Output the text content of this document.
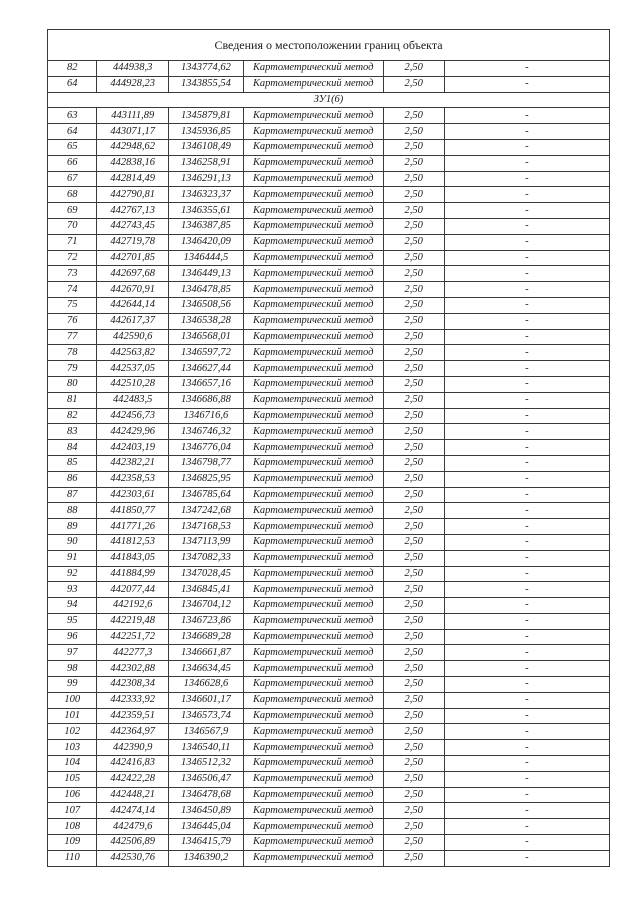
Сведения о местоположении границ объекта					
82	444938,3	1343774,62	Картометрический метод	2,50	-
64	444928,23	1343855,54	Картометрический метод	2,50	-
ЗУ1(6)					
63	443111,89	1345879,81	Картометрический метод	2,50	-
64	443071,17	1345936,85	Картометрический метод	2,50	-
65	442948,62	1346108,49	Картометрический метод	2,50	-
66	442838,16	1346258,91	Картометрический метод	2,50	-
67	442814,49	1346291,13	Картометрический метод	2,50	-
68	442790,81	1346323,37	Картометрический метод	2,50	-
69	442767,13	1346355,61	Картометрический метод	2,50	-
70	442743,45	1346387,85	Картометрический метод	2,50	-
71	442719,78	1346420,09	Картометрический метод	2,50	-
72	442701,85	1346444,5	Картометрический метод	2,50	-
73	442697,68	1346449,13	Картометрический метод	2,50	-
74	442670,91	1346478,85	Картометрический метод	2,50	-
75	442644,14	1346508,56	Картометрический метод	2,50	-
76	442617,37	1346538,28	Картометрический метод	2,50	-
77	442590,6	1346568,01	Картометрический метод	2,50	-
78	442563,82	1346597,72	Картометрический метод	2,50	-
79	442537,05	1346627,44	Картометрический метод	2,50	-
80	442510,28	1346657,16	Картометрический метод	2,50	-
81	442483,5	1346686,88	Картометрический метод	2,50	-
82	442456,73	1346716,6	Картометрический метод	2,50	-
83	442429,96	1346746,32	Картометрический метод	2,50	-
84	442403,19	1346776,04	Картометрический метод	2,50	-
85	442382,21	1346798,77	Картометрический метод	2,50	-
86	442358,53	1346825,95	Картометрический метод	2,50	-
87	442303,61	1346785,64	Картометрический метод	2,50	-
88	441850,77	1347242,68	Картометрический метод	2,50	-
89	441771,26	1347168,53	Картометрический метод	2,50	-
90	441812,53	1347113,99	Картометрический метод	2,50	-
91	441843,05	1347082,33	Картометрический метод	2,50	-
92	441884,99	1347028,45	Картометрический метод	2,50	-
93	442077,44	1346845,41	Картометрический метод	2,50	-
94	442192,6	1346704,12	Картометрический метод	2,50	-
95	442219,48	1346723,86	Картометрический метод	2,50	-
96	442251,72	1346689,28	Картометрический метод	2,50	-
97	442277,3	1346661,87	Картометрический метод	2,50	-
98	442302,88	1346634,45	Картометрический метод	2,50	-
99	442308,34	1346628,6	Картометрический метод	2,50	-
100	442333,92	1346601,17	Картометрический метод	2,50	-
101	442359,51	1346573,74	Картометрический метод	2,50	-
102	442364,97	1346567,9	Картометрический метод	2,50	-
103	442390,9	1346540,11	Картометрический метод	2,50	-
104	442416,83	1346512,32	Картометрический метод	2,50	-
105	442422,28	1346506,47	Картометрический метод	2,50	-
106	442448,21	1346478,68	Картометрический метод	2,50	-
107	442474,14	1346450,89	Картометрический метод	2,50	-
108	442479,6	1346445,04	Картометрический метод	2,50	-
109	442506,89	1346415,79	Картометрический метод	2,50	-
110	442530,76	1346390,2	Картометрический метод	2,50	-
